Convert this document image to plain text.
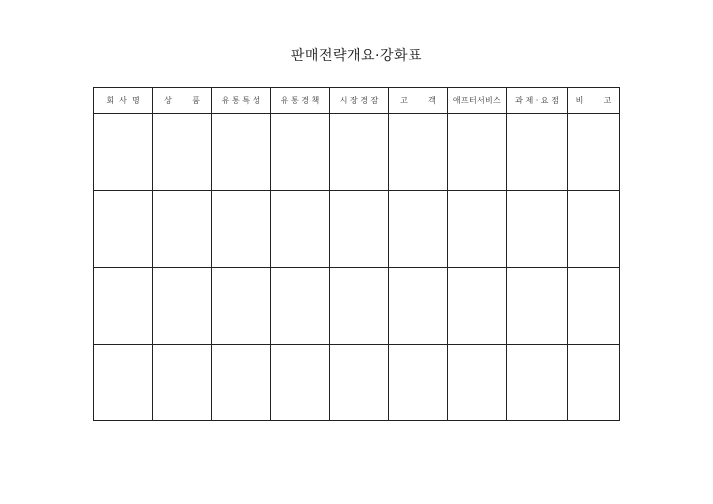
판매전략개요·강화표
회  사  명	상        품	유 통 특 성	유 통 경 책	시 장 경 잠	고        객	애프터서비스	과 제 · 요 점	비        고
